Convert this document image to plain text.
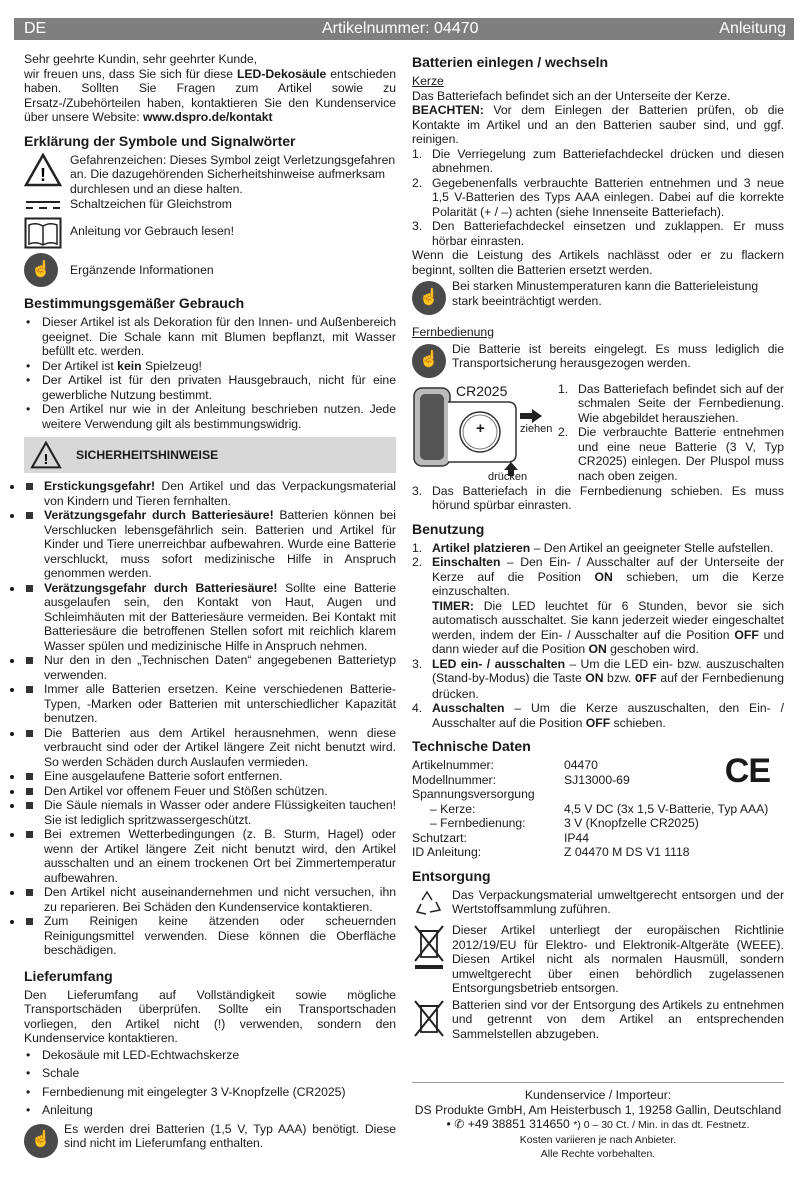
DE	Artikelnummer: 04470	Anleitung

Sehr geehrte Kundin, sehr geehrter Kunde,

wir freuen uns, dass Sie sich für diese LED-Dekosäule entschieden haben. Sollten Sie Fragen zum Artikel sowie zu Ersatz-/Zubehörteilen haben, kontaktieren Sie den Kundenservice über unsere Website: www.dspro.de/kontakt

Erklärung der Symbole und Signalwörter
!
Gefahrenzeichen: Dieses Symbol zeigt Verletzungsgefahren an. Die dazugehörenden Sicherheitshinweise aufmerksam durchlesen und an diese halten.
Schaltzeichen für Gleichstrom
Anleitung vor Gebrauch lesen!
☝	Ergänzende Informationen
Bestimmungsgemäßer Gebrauch
• Dieser Artikel ist als Dekoration für den Innen- und Außenbereich geeignet. Die Schale kann mit Blumen bepflanzt, mit Wasser befüllt etc. werden.
• Der Artikel ist kein Spielzeug!
• Der Artikel ist für den privaten Hausgebrauch, nicht für eine gewerbliche Nutzung bestimmt.
• Den Artikel nur wie in der Anleitung beschrieben nutzen. Jede weitere Verwendung gilt als bestimmungswidrig.
! SICHERHEITSHINWEISE
• Erstickungsgefahr! Den Artikel und das Verpackungsmaterial von Kindern und Tieren fernhalten.
• Verätzungsgefahr durch Batteriesäure! Batterien können bei Verschlucken lebensgefährlich sein. Batterien und Artikel für Kinder und Tiere unerreichbar aufbewahren. Wurde eine Batterie verschluckt, muss sofort medizinische Hilfe in Anspruch genommen werden.
• Verätzungsgefahr durch Batteriesäure! Sollte eine Batterie ausgelaufen sein, den Kontakt von Haut, Augen und Schleimhäuten mit der Batteriesäure vermeiden. Bei Kontakt mit Batteriesäure die betroffenen Stellen sofort mit reichlich klarem Wasser spülen und medizinische Hilfe in Anspruch nehmen.
• Nur den in den „Technischen Daten“ angegebenen Batterietyp verwenden.
• Immer alle Batterien ersetzen. Keine verschiedenen Batterie-Typen, -Marken oder Batterien mit unterschiedlicher Kapazität benutzen.
• Die Batterien aus dem Artikel herausnehmen, wenn diese verbraucht sind oder der Artikel längere Zeit nicht benutzt wird. So werden Schäden durch Auslaufen vermieden.
• Eine ausgelaufene Batterie sofort entfernen.
• Den Artikel vor offenem Feuer und Stößen schützen.
• Die Säule niemals in Wasser oder andere Flüssigkeiten tauchen! Sie ist lediglich spritzwassergeschützt.
• Bei extremen Wetterbedingungen (z. B. Sturm, Hagel) oder wenn der Artikel längere Zeit nicht benutzt wird, den Artikel ausschalten und an einem trockenen Ort bei Zimmertemperatur aufbewahren.
• Den Artikel nicht auseinandernehmen und nicht versuchen, ihn zu reparieren. Bei Schäden den Kundenservice kontaktieren.
• Zum Reinigen keine ätzenden oder scheuernden Reinigungsmittel verwenden. Diese können die Oberfläche beschädigen.
Lieferumfang

Den Lieferumfang auf Vollständigkeit sowie mögliche Transportschäden überprüfen. Sollte ein Transportschaden vorliegen, den Artikel nicht (!) verwenden, sondern den Kundenservice kontaktieren.

• Dekosäule mit LED-Echtwachskerze
• Schale
• Fernbedienung mit eingelegter 3 V-Knopfzelle (CR2025)
• Anleitung
☝
Es werden drei Batterien (1,5 V, Typ AAA) benötigt. Diese sind nicht im Lieferumfang enthalten.
Batterien einlegen / wechseln

Kerze

Das Batteriefach befindet sich an der Unterseite der Kerze.

BEACHTEN: Vor dem Einlegen der Batterien prüfen, ob die Kontakte im Artikel und an den Batterien sauber sind, und ggf. reinigen.

1. Die Verriegelung zum Batteriefachdeckel drücken und diesen abnehmen.
2. Gegebenenfalls verbrauchte Batterien entnehmen und 3 neue 1,5 V-Batterien des Typs AAA einlegen. Dabei auf die korrekte Polarität (+ / –) achten (siehe Innenseite Batteriefach).
3. Den Batteriefachdeckel einsetzen und zuklappen. Er muss hörbar einrasten.

Wenn die Leistung des Artikels nachlässt oder er zu flackern beginnt, sollten die Batterien ersetzt werden.

☝
Bei starken Minustemperaturen kann die Batterieleistung stark beeinträchtigt werden.

Fernbedienung

☝
Die Batterie ist bereits eingelegt. Es muss lediglich die Transportsicherung herausgezogen werden.
CR2025
+	ziehen
drücken
1. Das Batteriefach befindet sich auf der schmalen Seite der Fernbedienung. Wie abgebildet herausziehen.
2. Die verbrauchte Batterie entnehmen und eine neue Batterie (3 V, Typ CR2025) einlegen. Der Pluspol muss nach oben zeigen.
3. Das Batteriefach in die Fernbedienung schieben. Es muss hörund spürbar einrasten.
Benutzung
1. Artikel platzieren – Den Artikel an geeigneter Stelle aufstellen.
2. Einschalten – Den Ein- / Ausschalter auf der Unterseite der Kerze auf die Position ON schieben, um die Kerze einzuschalten.
TIMER: Die LED leuchtet für 6 Stunden, bevor sie sich automatisch ausschaltet. Sie kann jederzeit wieder eingeschaltet werden, indem der Ein- / Ausschalter auf die Position OFF und dann wieder auf die Position ON geschoben wird.
3. LED ein- / ausschalten – Um die LED ein- bzw. auszuschalten (Stand-by-Modus) die Taste ON bzw. OFF auf der Fernbedienung drücken.
4. Ausschalten – Um die Kerze auszuschalten, den Ein- / Ausschalter auf die Position OFF schieben.
Technische Daten
CE
Artikelnummer:	04470
Modellnummer:	SJ13000-69
Spannungsversorgung
– Kerze:	4,5 V DC (3x 1,5 V-Batterie, Typ AAA)
– Fernbedienung:	3 V (Knopfzelle CR2025)
Schutzart:	IP44
ID Anleitung:	Z 04470 M DS V1 1118
Entsorgung
Das Verpackungsmaterial umweltgerecht entsorgen und der Wertstoffsammlung zuführen.
Dieser Artikel unterliegt der europäischen Richtlinie 2012/19/EU für Elektro- und Elektronik-Altgeräte (WEEE). Diesen Artikel nicht als normalen Hausmüll, sondern umweltgerecht über einen behördlich zugelassenen Entsorgungsbetrieb entsorgen.
Batterien sind vor der Entsorgung des Artikels zu entnehmen und getrennt von dem Artikel an entsprechenden Sammelstellen abzugeben.

Kundenservice / Importeur:

DS Produkte GmbH, Am Heisterbusch 1, 19258 Gallin, Deutschland • ✆ +49 38851 314650 *) 0 – 30 Ct. / Min. in das dt. Festnetz.

Kosten variieren je nach Anbieter.

Alle Rechte vorbehalten.
